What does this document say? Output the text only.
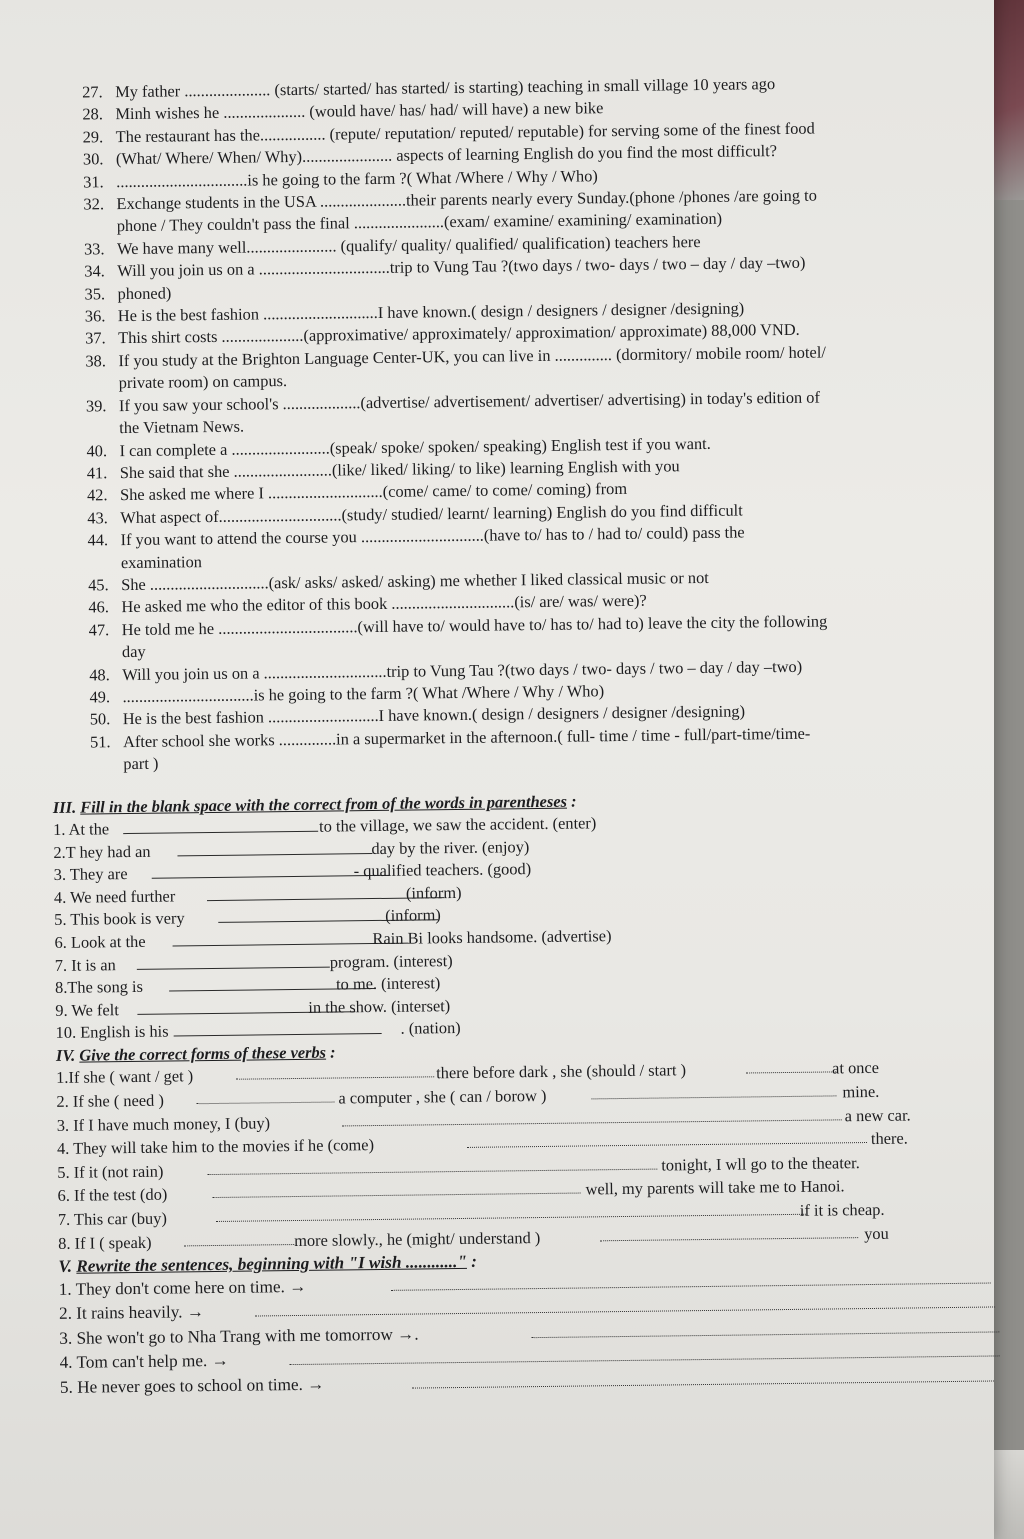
27. My father ..................... (starts/ started/ has started/ is starting) teaching in small village 10 years ago
28. Minh wishes he .................... (would have/ has/ had/ will have) a new bike
29. The restaurant has the................ (repute/ reputation/ reputed/ reputable) for serving some of the finest food
30. (What/ Where/ When/ Why)...................... aspects of learning English do you find the most difficult?
31. ................................is he going to the farm ?( What /Where / Why / Who)
32. Exchange students in the USA .....................their parents nearly every Sunday.(phone /phones /are going to
phone / They couldn't pass the final ......................(exam/ examine/ examining/ examination)
33. We have many well...................... (qualify/ quality/ qualified/ qualification) teachers here
34. Will you join us on a ................................trip to Vung Tau ?(two days / two- days / two – day / day –two)
35. phoned)
36. He is the best fashion ............................I have known.( design / designers / designer /designing)
37. This shirt costs ....................(approximative/ approximately/ approximation/ approximate) 88,000 VND.
38. If you study at the Brighton Language Center-UK, you can live in .............. (dormitory/ mobile room/ hotel/
private room) on campus.
39. If you saw your school's ...................(advertise/ advertisement/ advertiser/ advertising) in today's edition of
the Vietnam News.
40. I can complete a ........................(speak/ spoke/ spoken/ speaking) English test if you want.
41. She said that she ........................(like/ liked/ liking/ to like) learning English with you
42. She asked me where I ............................(come/ came/ to come/ coming) from
43. What aspect of..............................(study/ studied/ learnt/ learning) English do you find difficult
44. If you want to attend the course you ..............................(have to/ has to / had to/ could) pass the
examination
45. She .............................(ask/ asks/ asked/ asking) me whether I liked classical music or not
46. He asked me who the editor of this book ..............................(is/ are/ was/ were)?
47. He told me he ..................................(will have to/ would have to/ has to/ had to) leave the city the following
day
48. Will you join us on a ..............................trip to Vung Tau ?(two days / two- days / two – day / day –two)
49. ................................is he going to the farm ?( What /Where / Why / Who)
50. He is the best fashion ...........................I have known.( design / designers / designer /designing)
51. After school she works ..............in a supermarket in the afternoon.( full- time / time - full/part-time/time-
part )
III. Fill in the blank space with the correct from of the words in parentheses :
1. At the	to the village, we saw the accident. (enter)
2.T hey had an	day by the river. (enjoy)
3. They are	- qualified teachers. (good)
4. We need further	(inform)
5. This book is very	(inform)
6. Look at the	Rain Bi looks handsome. (advertise)
7. It is an	program. (interest)
8.The song is	to me. (interest)
9. We felt	in the show. (interset)
10. English is his	. (nation)
IV. Give the correct forms of these verbs :
1.If she ( want / get )	there before dark , she (should / start )	at once
2. If she ( need )	a computer , she ( can / borow )	mine.
3. If I have much money, I (buy)	a new car.
4. They will take him to the movies if he (come)	there.
5. If it (not rain)	tonight, I wll go to the theater.
6. If the test (do)	well, my parents will take me to Hanoi.
7. This car (buy)	if it is cheap.
8. If I ( speak)	more slowly., he (might/ understand )	you
V. Rewrite the sentences, beginning with "I wish ............" :
1. They don't come here on time. →
2. It rains heavily. →
3. She won't go to Nha Trang with me tomorrow →.
4. Tom can't help me. →
5. He never goes to school on time. →
